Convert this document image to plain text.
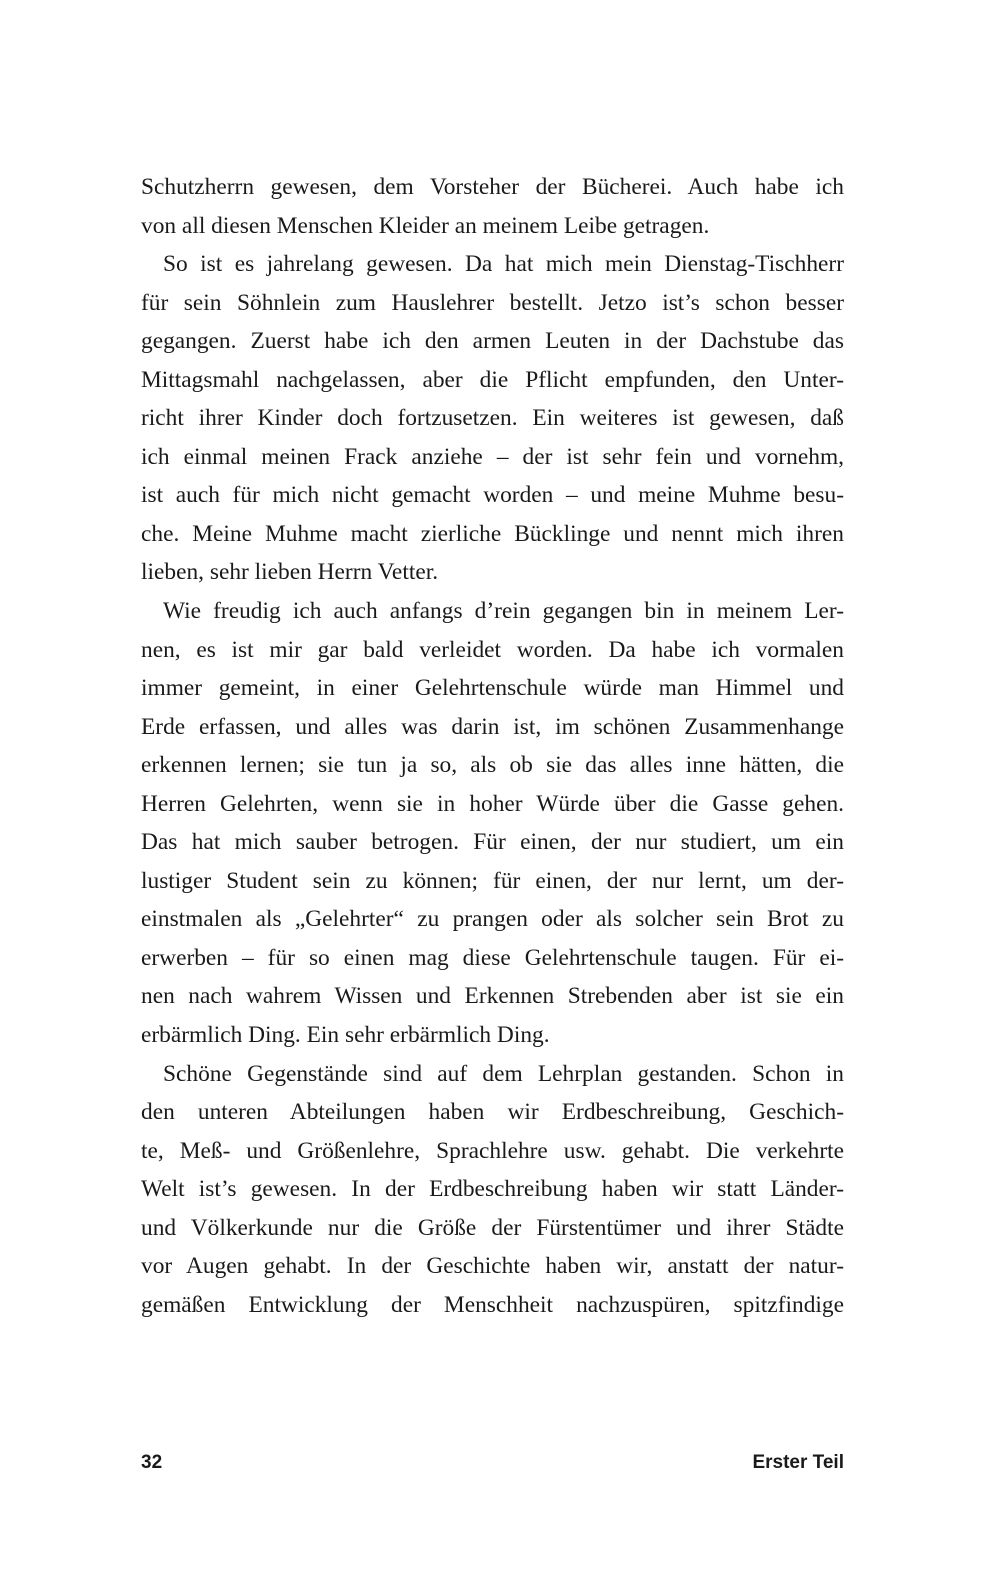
Schutzherrn gewesen, dem Vorsteher der Bücherei. Auch habe ich
von all diesen Menschen Kleider an meinem Leibe getragen.
So ist es jahrelang gewesen. Da hat mich mein Dienstag-Tischherr
für sein Söhnlein zum Hauslehrer bestellt. Jetzo ist’s schon besser
gegangen. Zuerst habe ich den armen Leuten in der Dachstube das
Mittagsmahl nachgelassen, aber die Pflicht empfunden, den Unter-
richt ihrer Kinder doch fortzusetzen. Ein weiteres ist gewesen, daß
ich einmal meinen Frack anziehe – der ist sehr fein und vornehm,
ist auch für mich nicht gemacht worden – und meine Muhme besu-
che. Meine Muhme macht zierliche Bücklinge und nennt mich ihren
lieben, sehr lieben Herrn Vetter.
Wie freudig ich auch anfangs d’rein gegangen bin in meinem Ler-
nen, es ist mir gar bald verleidet worden. Da habe ich vormalen
immer gemeint, in einer Gelehrtenschule würde man Himmel und
Erde erfassen, und alles was darin ist, im schönen Zusammenhange
erkennen lernen; sie tun ja so, als ob sie das alles inne hätten, die
Herren Gelehrten, wenn sie in hoher Würde über die Gasse gehen.
Das hat mich sauber betrogen. Für einen, der nur studiert, um ein
lustiger Student sein zu können; für einen, der nur lernt, um der-
einstmalen als „Gelehrter“ zu prangen oder als solcher sein Brot zu
erwerben – für so einen mag diese Gelehrtenschule taugen. Für ei-
nen nach wahrem Wissen und Erkennen Strebenden aber ist sie ein
erbärmlich Ding. Ein sehr erbärmlich Ding.
Schöne Gegenstände sind auf dem Lehrplan gestanden. Schon in
den unteren Abteilungen haben wir Erdbeschreibung, Geschich-
te, Meß- und Größenlehre, Sprachlehre usw. gehabt. Die verkehrte
Welt ist’s gewesen. In der Erdbeschreibung haben wir statt Länder-
und Völkerkunde nur die Größe der Fürstentümer und ihrer Städte
vor Augen gehabt. In der Geschichte haben wir, anstatt der natur-
gemäßen Entwicklung der Menschheit nachzuspüren, spitzfindige
32	Erster Teil
